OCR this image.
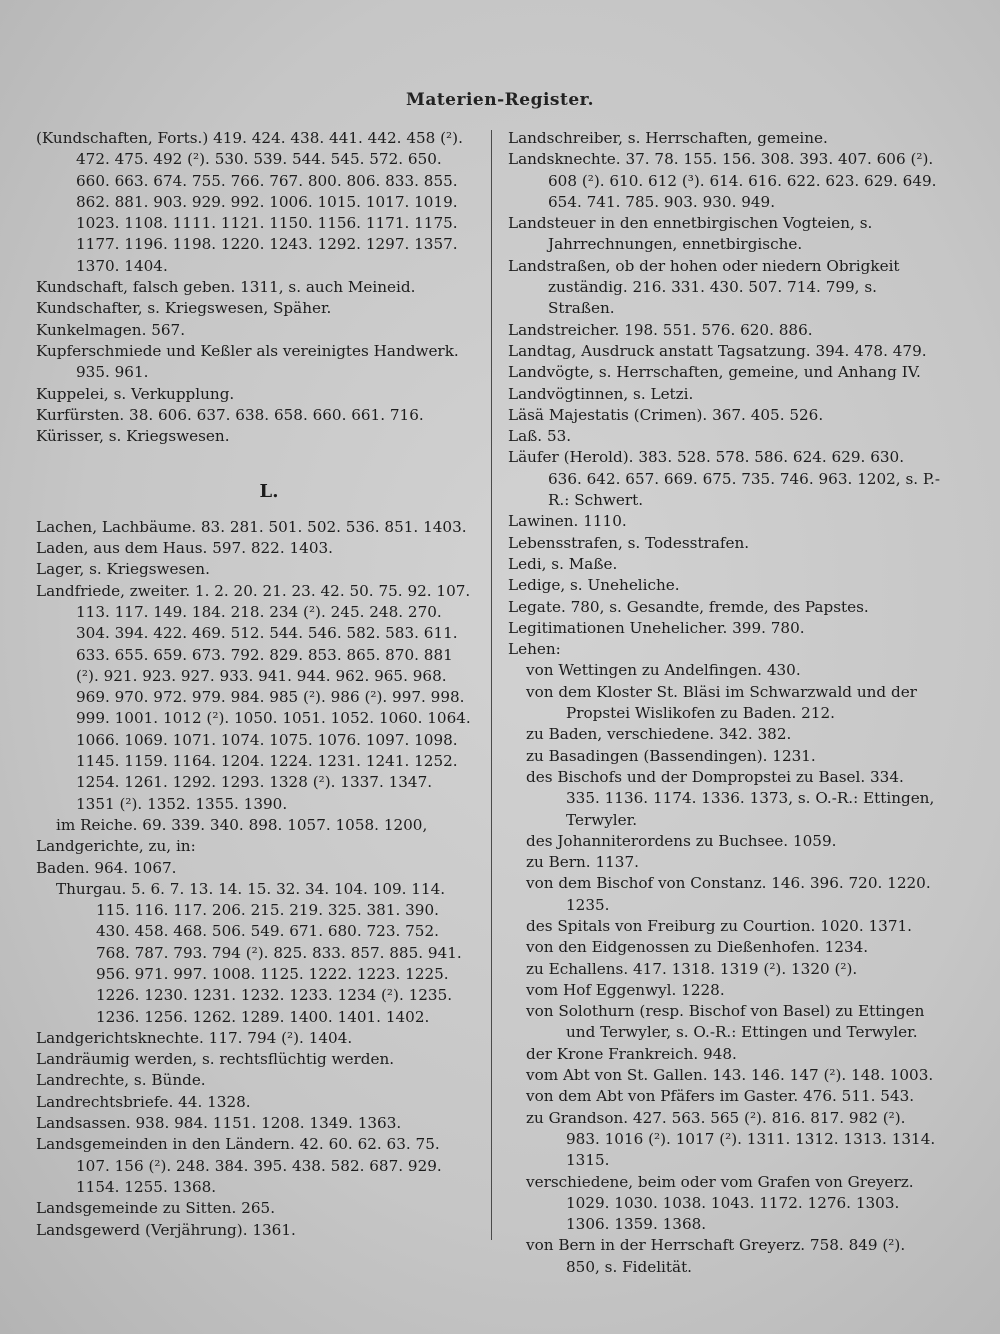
Materien-Register.
(Kundschaften, Forts.) 419. 424. 438. 441. 442. 458 (²). 472. 475. 492 (²). 530. 539. 544. 545. 572. 650. 660. 663. 674. 755. 766. 767. 800. 806. 833. 855. 862. 881. 903. 929. 992. 1006. 1015. 1017. 1019. 1023. 1108. 1111. 1121. 1150. 1156. 1171. 1175. 1177. 1196. 1198. 1220. 1243. 1292. 1297. 1357. 1370. 1404.
Kundschaft, falsch geben. 1311, s. auch Meineid.
Kundschafter, s. Kriegswesen, Späher.
Kunkelmagen. 567.
Kupferschmiede und Keßler als vereinigtes Handwerk. 935. 961.
Kuppelei, s. Verkupplung.
Kurfürsten. 38. 606. 637. 638. 658. 660. 661. 716.
Kürisser, s. Kriegswesen.
L.
Lachen, Lachbäume. 83. 281. 501. 502. 536. 851. 1403.
Laden, aus dem Haus. 597. 822. 1403.
Lager, s. Kriegswesen.
Landfriede, zweiter. 1. 2. 20. 21. 23. 42. 50. 75. 92. 107. 113. 117. 149. 184. 218. 234 (²). 245. 248. 270. 304. 394. 422. 469. 512. 544. 546. 582. 583. 611. 633. 655. 659. 673. 792. 829. 853. 865. 870. 881 (²). 921. 923. 927. 933. 941. 944. 962. 965. 968. 969. 970. 972. 979. 984. 985 (²). 986 (²). 997. 998. 999. 1001. 1012 (²). 1050. 1051. 1052. 1060. 1064. 1066. 1069. 1071. 1074. 1075. 1076. 1097. 1098. 1145. 1159. 1164. 1204. 1224. 1231. 1241. 1252. 1254. 1261. 1292. 1293. 1328 (²). 1337. 1347. 1351 (²). 1352. 1355. 1390.
im Reiche. 69. 339. 340. 898. 1057. 1058. 1200,
Landgerichte, zu, in:
Baden. 964. 1067.
Thurgau. 5. 6. 7. 13. 14. 15. 32. 34. 104. 109. 114. 115. 116. 117. 206. 215. 219. 325. 381. 390. 430. 458. 468. 506. 549. 671. 680. 723. 752. 768. 787. 793. 794 (²). 825. 833. 857. 885. 941. 956. 971. 997. 1008. 1125. 1222. 1223. 1225. 1226. 1230. 1231. 1232. 1233. 1234 (²). 1235. 1236. 1256. 1262. 1289. 1400. 1401. 1402.
Landgerichtsknechte. 117. 794 (²). 1404.
Landräumig werden, s. rechtsflüchtig werden.
Landrechte, s. Bünde.
Landrechtsbriefe. 44. 1328.
Landsassen. 938. 984. 1151. 1208. 1349. 1363.
Landsgemeinden in den Ländern. 42. 60. 62. 63. 75. 107. 156 (²). 248. 384. 395. 438. 582. 687. 929. 1154. 1255. 1368.
Landsgemeinde zu Sitten. 265.
Landsgewerd (Verjährung). 1361.
Landschreiber, s. Herrschaften, gemeine.
Landsknechte. 37. 78. 155. 156. 308. 393. 407. 606 (²). 608 (²). 610. 612 (³). 614. 616. 622. 623. 629. 649. 654. 741. 785. 903. 930. 949.
Landsteuer in den ennetbirgischen Vogteien, s. Jahrrechnungen, ennetbirgische.
Landstraßen, ob der hohen oder niedern Obrigkeit zuständig. 216. 331. 430. 507. 714. 799, s. Straßen.
Landstreicher. 198. 551. 576. 620. 886.
Landtag, Ausdruck anstatt Tagsatzung. 394. 478. 479.
Landvögte, s. Herrschaften, gemeine, und Anhang IV.
Landvögtinnen, s. Letzi.
Läsä Majestatis (Crimen). 367. 405. 526.
Laß. 53.
Läufer (Herold). 383. 528. 578. 586. 624. 629. 630. 636. 642. 657. 669. 675. 735. 746. 963. 1202, s. P.-R.: Schwert.
Lawinen. 1110.
Lebensstrafen, s. Todesstrafen.
Ledi, s. Maße.
Ledige, s. Uneheliche.
Legate. 780, s. Gesandte, fremde, des Papstes.
Legitimationen Unehelicher. 399. 780.
Lehen:
von Wettingen zu Andelfingen. 430.
von dem Kloster St. Bläsi im Schwarzwald und der Propstei Wislikofen zu Baden. 212.
zu Baden, verschiedene. 342. 382.
zu Basadingen (Bassendingen). 1231.
des Bischofs und der Dompropstei zu Basel. 334. 335. 1136. 1174. 1336. 1373, s. O.-R.: Ettingen, Terwyler.
des Johanniterordens zu Buchsee. 1059.
zu Bern. 1137.
von dem Bischof von Constanz. 146. 396. 720. 1220. 1235.
des Spitals von Freiburg zu Courtion. 1020. 1371.
von den Eidgenossen zu Dießenhofen. 1234.
zu Echallens. 417. 1318. 1319 (²). 1320 (²).
vom Hof Eggenwyl. 1228.
von Solothurn (resp. Bischof von Basel) zu Ettingen und Terwyler, s. O.-R.: Ettingen und Terwyler.
der Krone Frankreich. 948.
vom Abt von St. Gallen. 143. 146. 147 (²). 148. 1003.
von dem Abt von Pfäfers im Gaster. 476. 511. 543.
zu Grandson. 427. 563. 565 (²). 816. 817. 982 (²). 983. 1016 (²). 1017 (²). 1311. 1312. 1313. 1314. 1315.
verschiedene, beim oder vom Grafen von Greyerz. 1029. 1030. 1038. 1043. 1172. 1276. 1303. 1306. 1359. 1368.
von Bern in der Herrschaft Greyerz. 758. 849 (²). 850, s. Fidelität.
